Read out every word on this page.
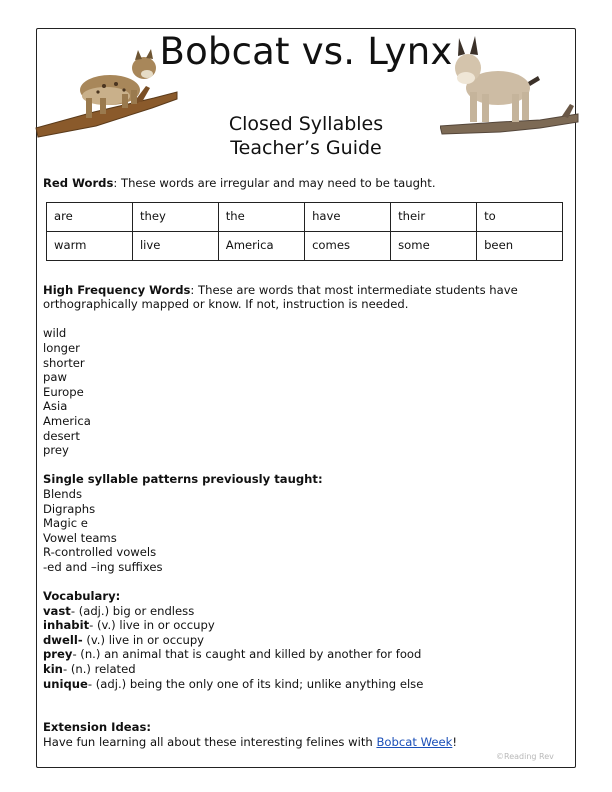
Bobcat vs. Lynx
Closed Syllables
Teacher’s Guide

Red Words: These words are irregular and may need to be taught.

are	they	the	have	their	to
warm	live	America	comes	some	been

High Frequency Words: These are words that most intermediate students have

orthographically mapped or know. If not, instruction is needed.

wild

longer

shorter

paw

Europe

Asia

America

desert

prey

Single syllable patterns previously taught:

Blends

Digraphs

Magic e

Vowel teams

R-controlled vowels

-ed and –ing suffixes

Vocabulary:

vast- (adj.) big or endless

inhabit- (v.) live in or occupy

dwell- (v.) live in or occupy

prey- (n.) an animal that is caught and killed by another for food

kin- (n.) related

unique- (adj.) being the only one of its kind; unlike anything else

Extension Ideas:

Have fun learning all about these interesting felines with Bobcat Week!

©Reading Rev
